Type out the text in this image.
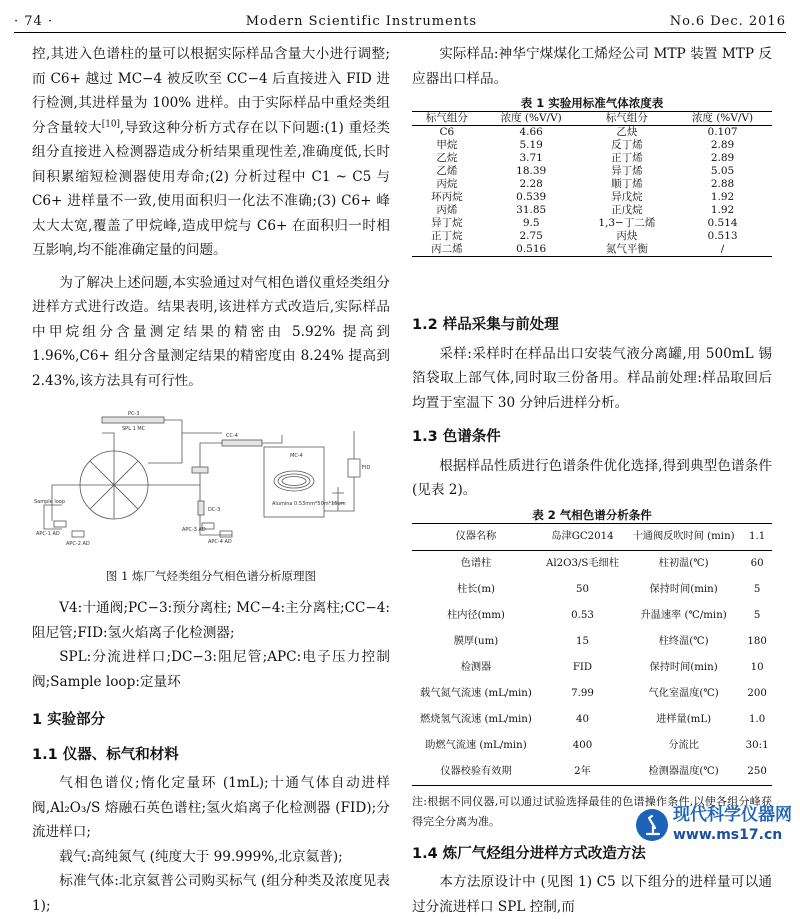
· 74 ·	Modern Scientific Instruments	No.6 Dec. 2016

控,其进入色谱柱的量可以根据实际样品含量大小进行调整;而 C6+ 越过 MC−4 被反吹至 CC−4 后直接进入 FID 进行检测,其进样量为 100% 进样。由于实际样品中重烃类组分含量较大[10],导致这种分析方式存在以下问题:(1) 重烃类组分直接进入检测器造成分析结果重现性差,准确度低,长时间积累缩短检测器使用寿命;(2) 分析过程中 C1 ~ C5 与 C6+ 进样量不一致,使用面积归一化法不准确;(3) C6+ 峰太大太宽,覆盖了甲烷峰,造成甲烷与 C6+ 在面积归一时相互影响,均不能准确定量的问题。

为了解决上述问题,本实验通过对气相色谱仪重烃类组分进样方式进行改造。结果表明,该进样方式改造后,实际样品中甲烷组分含量测定结果的精密由 5.92% 提高到 1.96%,C6+ 组分含量测定结果的精密度由 8.24% 提高到 2.43%,该方法具有可行性。

PC-3
SPL 1 MC
CC-4
MC-4
Alumina 0.53mm*50m*15um
FID
DC-3
Sample loop
APC-1 AD
APC-2 AD
APC-3 AD
APC-4 AD
图 1 炼厂气烃类组分气相色谱分析原理图

V4:十通阀;PC−3:预分离柱; MC−4:主分离柱;CC−4:阻尼管;FID:氢火焰离子化检测器;

SPL:分流进样口;DC−3:阻尼管;APC:电子压力控制阀;Sample loop:定量环

1 实验部分
1.1 仪器、标气和材料

气相色谱仪;惰化定量环 (1mL);十通气体自动进样阀,Al₂O₃/S 熔融石英色谱柱;氢火焰离子化检测器 (FID);分流进样口;

载气:高纯氮气 (纯度大于 99.999%,北京氦普);

标准气体:北京氦普公司购买标气 (组分种类及浓度见表 1);

实际样品:神华宁煤煤化工烯烃公司 MTP 装置 MTP 反应器出口样品。

表 1 实验用标准气体浓度表
标气组分	浓度 (%V/V)	标气组分	浓度 (%V/V)
C6	4.66	乙炔	0.107
甲烷	5.19	反丁烯	2.89
乙烷	3.71	正丁烯	2.89
乙烯	18.39	异丁烯	5.05
丙烷	2.28	顺丁烯	2.88
环丙烷	0.539	异戊烷	1.92
丙烯	31.85	正戊烷	1.92
异丁烷	9.5	1,3−丁二烯	0.514
正丁烷	2.75	丙炔	0.513
丙二烯	0.516	氮气平衡	/
1.2 样品采集与前处理

采样:采样时在样品出口安装气液分离罐,用 500mL 锡箔袋取上部气体,同时取三份备用。样品前处理:样品取回后均置于室温下 30 分钟后进样分析。

1.3 色谱条件

根据样品性质进行色谱条件优化选择,得到典型色谱条件 (见表 2)。

表 2 气相色谱分析条件
仪器名称	岛津GC2014	十通阀反吹时间 (min)	1.1
色谱柱	Al2O3/S毛细柱	柱初温(℃)	60
柱长(m)	50	保持时间(min)	5
柱内径(mm)	0.53	升温速率 (℃/min)	5
膜厚(um)	15	柱终温(℃)	180
检测器	FID	保持时间(min)	10
载气氮气流速 (mL/min)	7.99	气化室温度(℃)	200
燃烧氢气流速 (mL/min)	40	进样量(mL)	1.0
助燃气流速 (mL/min)	400	分流比	30:1
仪器校验有效期	2年	检测器温度(℃)	250
注:根据不同仪器,可以通过试验选择最佳的色谱操作条件,以使各组分峰获得完全分离为准。
1.4 炼厂气烃组分进样方式改造方法

本方法原设计中 (见图 1) C5 以下组分的进样量可以通过分流进样口 SPL 控制,而

现代科学仪器网
www.ms17.cn
